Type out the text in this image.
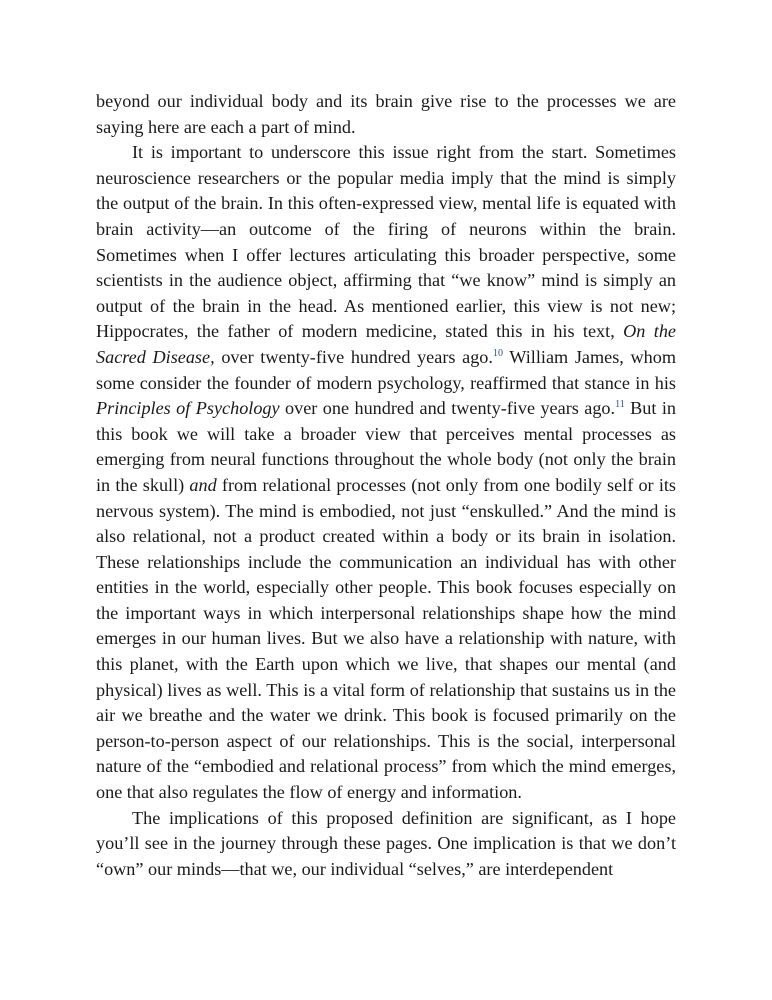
beyond our individual body and its brain give rise to the processes we are saying here are each a part of mind.

It is important to underscore this issue right from the start. Sometimes neuroscience researchers or the popular media imply that the mind is simply the output of the brain. In this often-expressed view, mental life is equated with brain activity—an outcome of the firing of neurons within the brain. Sometimes when I offer lectures articulating this broader perspective, some scientists in the audience object, affirming that “we know” mind is simply an output of the brain in the head. As mentioned earlier, this view is not new; Hippocrates, the father of modern medicine, stated this in his text, On the Sacred Disease, over twenty-five hundred years ago.$^{10}$ William James, whom some consider the founder of modern psychology, reaffirmed that stance in his Principles of Psychology over one hundred and twenty-five years ago.$^{11}$ But in this book we will take a broader view that perceives mental processes as emerging from neural functions throughout the whole body (not only the brain in the skull) and from relational processes (not only from one bodily self or its nervous system). The mind is embodied, not just “enskulled.” And the mind is also relational, not a product created within a body or its brain in isolation. These relationships include the communication an individual has with other entities in the world, especially other people. This book focuses especially on the important ways in which interpersonal relationships shape how the mind emerges in our human lives. But we also have a relationship with nature, with this planet, with the Earth upon which we live, that shapes our mental (and physical) lives as well. This is a vital form of relationship that sustains us in the air we breathe and the water we drink. This book is focused primarily on the person-to-person aspect of our relationships. This is the social, interpersonal nature of the “embodied and relational process” from which the mind emerges, one that also regulates the flow of energy and information.

The implications of this proposed definition are significant, as I hope you’ll see in the journey through these pages. One implication is that we don’t “own” our minds—that we, our individual “selves,” are interdependent
